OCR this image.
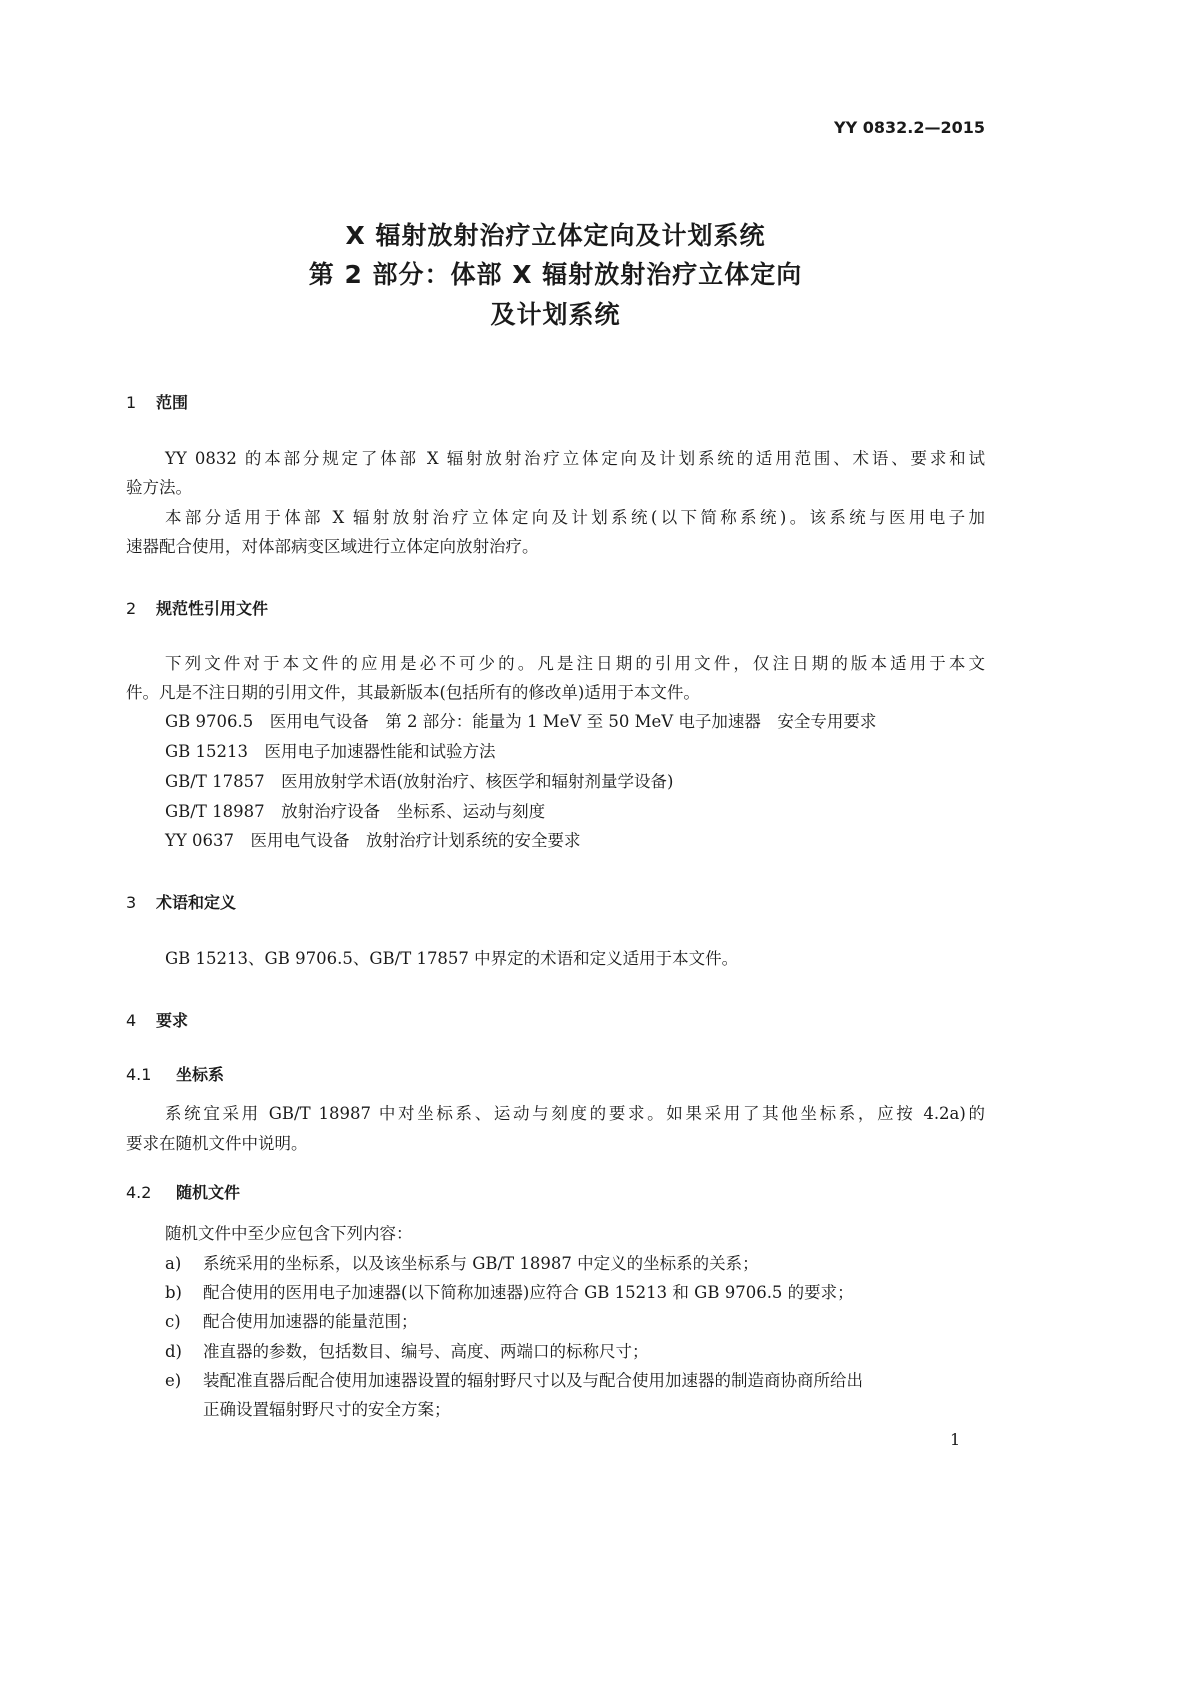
YY 0832.2—2015
X 辐射放射治疗立体定向及计划系统
第 2 部分：体部 X 辐射放射治疗立体定向
及计划系统
1 范围
YY 0832 的本部分规定了体部 X 辐射放射治疗立体定向及计划系统的适用范围、术语、要求和试
验方法。
本部分适用于体部 X 辐射放射治疗立体定向及计划系统(以下简称系统)。该系统与医用电子加
速器配合使用，对体部病变区域进行立体定向放射治疗。
2 规范性引用文件
下列文件对于本文件的应用是必不可少的。凡是注日期的引用文件，仅注日期的版本适用于本文
件。凡是不注日期的引用文件，其最新版本(包括所有的修改单)适用于本文件。
GB 9706.5　医用电气设备　第 2 部分：能量为 1 MeV 至 50 MeV 电子加速器　安全专用要求
GB 15213　医用电子加速器性能和试验方法
GB/T 17857　医用放射学术语(放射治疗、核医学和辐射剂量学设备)
GB/T 18987　放射治疗设备　坐标系、运动与刻度
YY 0637　医用电气设备　放射治疗计划系统的安全要求
3 术语和定义
GB 15213、GB 9706.5、GB/T 17857 中界定的术语和定义适用于本文件。
4 要求
4.1 坐标系
系统宜采用 GB/T 18987 中对坐标系、运动与刻度的要求。如果采用了其他坐标系，应按 4.2a)的
要求在随机文件中说明。
4.2 随机文件
随机文件中至少应包含下列内容：
a) 系统采用的坐标系，以及该坐标系与 GB/T 18987 中定义的坐标系的关系；
b) 配合使用的医用电子加速器(以下简称加速器)应符合 GB 15213 和 GB 9706.5 的要求；
c) 配合使用加速器的能量范围；
d) 准直器的参数，包括数目、编号、高度、两端口的标称尺寸；
e) 装配准直器后配合使用加速器设置的辐射野尺寸以及与配合使用加速器的制造商协商所给出
正确设置辐射野尺寸的安全方案；
1
